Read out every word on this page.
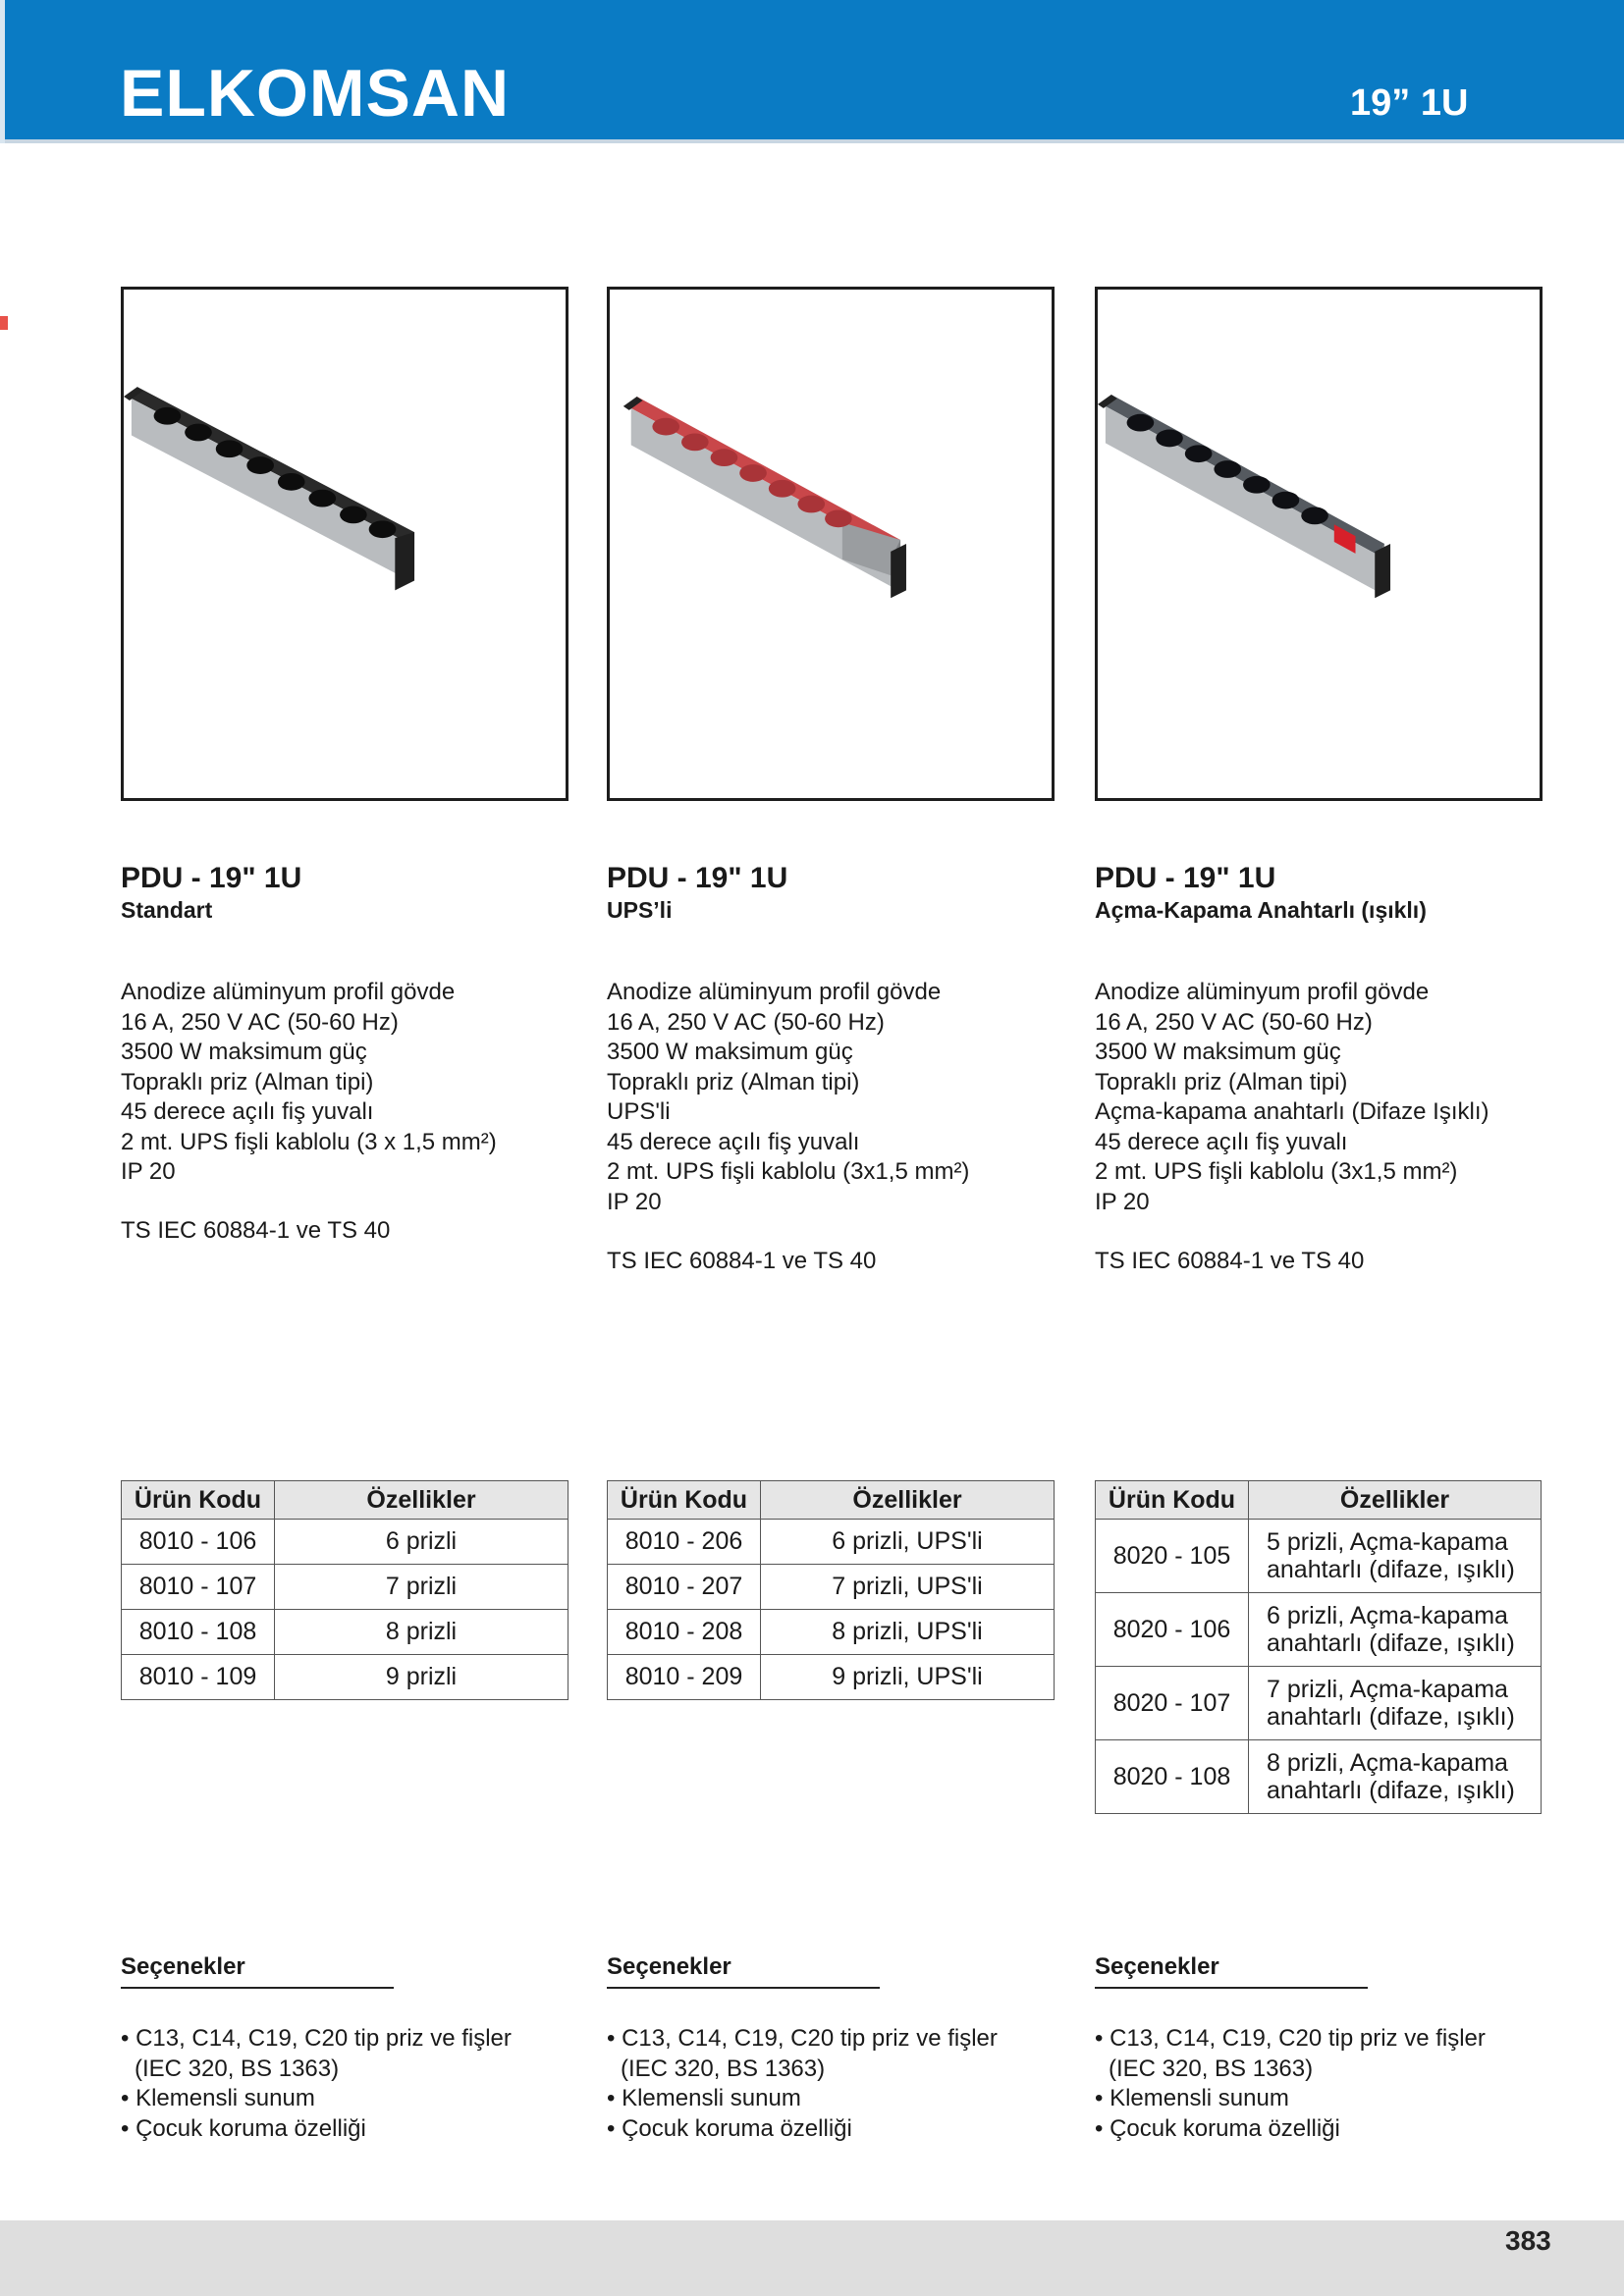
ELKOMSAN	19” 1U
PDU - 19" 1U
Standart
Anodize alüminyum profil gövde
16 A, 250 V AC (50-60 Hz)
3500 W maksimum güç
Topraklı priz (Alman tipi)
45 derece açılı fiş yuvalı
2 mt. UPS fişli kablolu (3 x 1,5 mm²)
IP 20
TS IEC 60884-1 ve TS 40
Ürün Kodu	Özellikler
8010 - 106	6 prizli
8010 - 107	7 prizli
8010 - 108	8 prizli
8010 - 109	9 prizli
Seçenekler
• C13, C14, C19, C20 tip priz ve fişler
(IEC 320, BS 1363)
• Klemensli sunum
• Çocuk koruma özelliği
PDU - 19" 1U
UPS’li
Anodize alüminyum profil gövde
16 A, 250 V AC (50-60 Hz)
3500 W maksimum güç
Topraklı priz (Alman tipi)
UPS'li
45 derece açılı fiş yuvalı
2 mt. UPS fişli kablolu (3x1,5 mm²)
IP 20
TS IEC 60884-1 ve TS 40
Ürün Kodu	Özellikler
8010 - 206	6 prizli, UPS'li
8010 - 207	7 prizli, UPS'li
8010 - 208	8 prizli, UPS'li
8010 - 209	9 prizli, UPS'li
Seçenekler
• C13, C14, C19, C20 tip priz ve fişler
(IEC 320, BS 1363)
• Klemensli sunum
• Çocuk koruma özelliği
PDU - 19" 1U
Açma-Kapama Anahtarlı (ışıklı)
Anodize alüminyum profil gövde
16 A, 250 V AC (50-60 Hz)
3500 W maksimum güç
Topraklı priz (Alman tipi)
Açma-kapama anahtarlı (Difaze Işıklı)
45 derece açılı fiş yuvalı
2 mt. UPS fişli kablolu (3x1,5 mm²)
IP 20
TS IEC 60884-1 ve TS 40
Ürün Kodu	Özellikler
8020 - 105	5 prizli, Açma-kapama
anahtarlı (difaze, ışıklı)
8020 - 106	6 prizli, Açma-kapama
anahtarlı (difaze, ışıklı)
8020 - 107	7 prizli, Açma-kapama
anahtarlı (difaze, ışıklı)
8020 - 108	8 prizli, Açma-kapama
anahtarlı (difaze, ışıklı)
Seçenekler
• C13, C14, C19, C20 tip priz ve fişler
(IEC 320, BS 1363)
• Klemensli sunum
• Çocuk koruma özelliği
383
